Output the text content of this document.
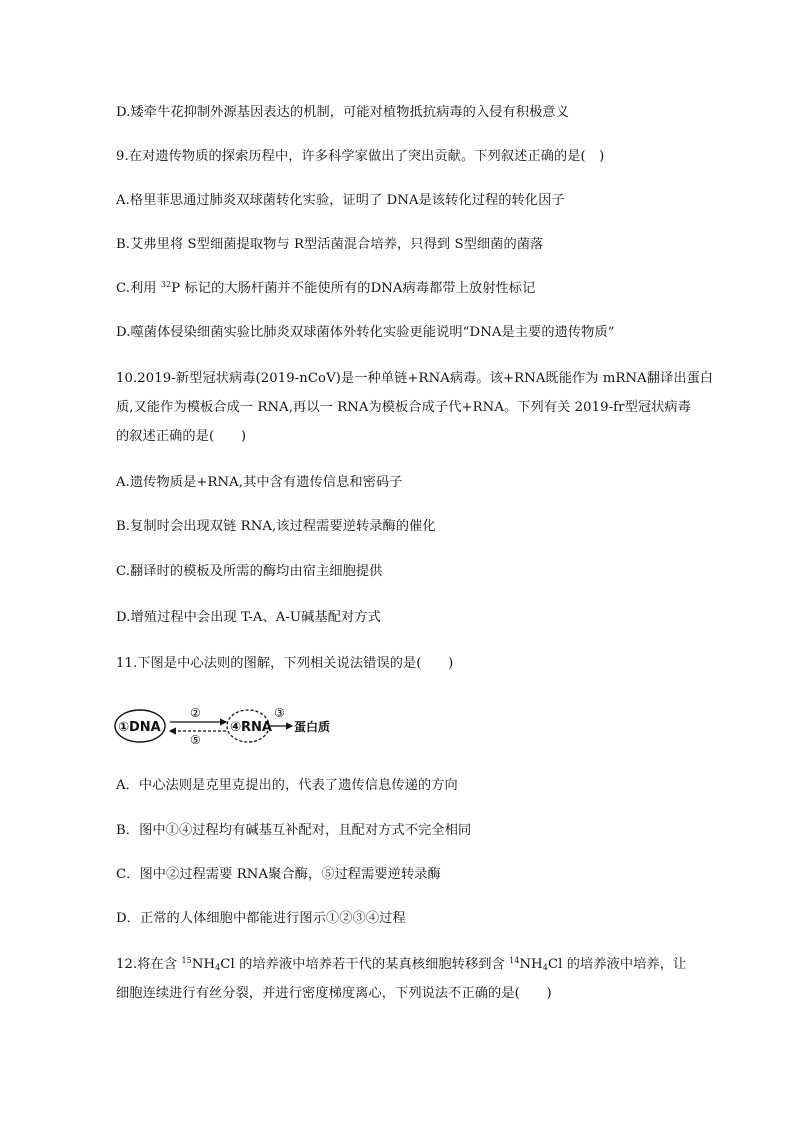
D.矮牵牛花抑制外源基因表达的机制，可能对植物抵抗病毒的入侵有积极意义
9.在对遗传物质的探索历程中，许多科学家做出了突出贡献。下列叙述正确的是(　)
A.格里菲思通过肺炎双球菌转化实验，证明了 DNA是该转化过程的转化因子
B.艾弗里将 S型细菌提取物与 R型活菌混合培养，只得到 S型细菌的菌落
C.利用 $^{32}$P 标记的大肠杆菌并不能使所有的DNA病毒都带上放射性标记
D.噬菌体侵染细菌实验比肺炎双球菌体外转化实验更能说明“DNA是主要的遗传物质”
10.2019-新型冠状病毒(2019-nCoV)是一种单链+RNA病毒。该+RNA既能作为 mRNA翻译出蛋白
质,又能作为模板合成一 RNA,再以一 RNA为模板合成子代+RNA。下列有关 2019-fr型冠状病毒
的叙述正确的是(　　)
A.遗传物质是+RNA,其中含有遗传信息和密码子
B.复制时会出现双链 RNA,该过程需要逆转录酶的催化
C.翻译时的模板及所需的酶均由宿主细胞提供
D.增殖过程中会出现 T-A、A-U碱基配对方式
11.下图是中心法则的图解，下列相关说法错误的是(　　)
①DNA
②
⑤
④RNA
③
蛋白质
A．中心法则是克里克提出的，代表了遗传信息传递的方向
B．图中①④过程均有碱基互补配对，且配对方式不完全相同
C．图中②过程需要 RNA聚合酶，⑤过程需要逆转录酶
D．正常的人体细胞中都能进行图示①②③④过程
12.将在含 $^{15}NH_4Cl$ 的培养液中培养若干代的某真核细胞转移到含 $^{14}NH_4Cl$ 的培养液中培养，让
细胞连续进行有丝分裂，并进行密度梯度离心，下列说法不正确的是(　　)
